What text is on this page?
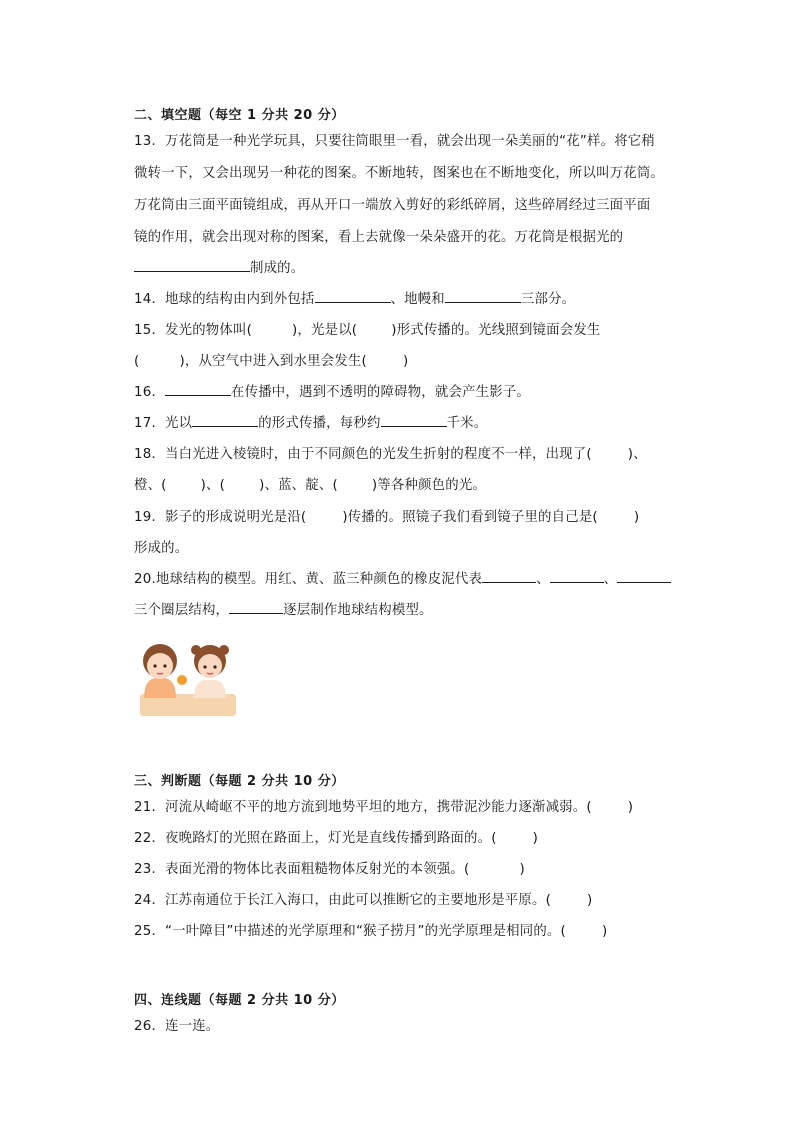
二、填空题（每空 1 分共 20 分）
13．万花筒是一种光学玩具，只要往筒眼里一看，就会出现一朵美丽的“花”样。将它稍
微转一下，又会出现另一种花的图案。不断地转，图案也在不断地变化，所以叫万花筒。
万花筒由三面平面镜组成，再从开口一端放入剪好的彩纸碎屑，这些碎屑经过三面平面
镜的作用，就会出现对称的图案，看上去就像一朵朵盛开的花。万花筒是根据光的
制成的。
14．地球的结构由内到外包括	、地幔和	三部分。
15．发光的物体叫(	)，光是以(	)形式传播的。光线照到镜面会发生
(	)，从空气中进入到水里会发生(	)
16．	在传播中，遇到不透明的障碍物，就会产生影子。
17．光以	的形式传播，每秒约	千米。
18．当白光进入棱镜时，由于不同颜色的光发生折射的程度不一样，出现了(	)、
橙、(	)、(	)、蓝、靛、(	)等各种颜色的光。
19．影子的形成说明光是沿(	)传播的。照镜子我们看到镜子里的自己是(	)
形成的。
20.地球结构的模型。用红、黄、蓝三种颜色的橡皮泥代表	、	、
三个圈层结构，	逐层制作地球结构模型。
三、判断题（每题 2 分共 10 分）
21．河流从崎岖不平的地方流到地势平坦的地方，携带泥沙能力逐渐减弱。(	)
22．夜晚路灯的光照在路面上，灯光是直线传播到路面的。(	)
23．表面光滑的物体比表面粗糙物体反射光的本领强。(	)
24．江苏南通位于长江入海口，由此可以推断它的主要地形是平原。(	)
25．“一叶障目”中描述的光学原理和“猴子捞月”的光学原理是相同的。(	)
四、连线题（每题 2 分共 10 分）
26．连一连。
